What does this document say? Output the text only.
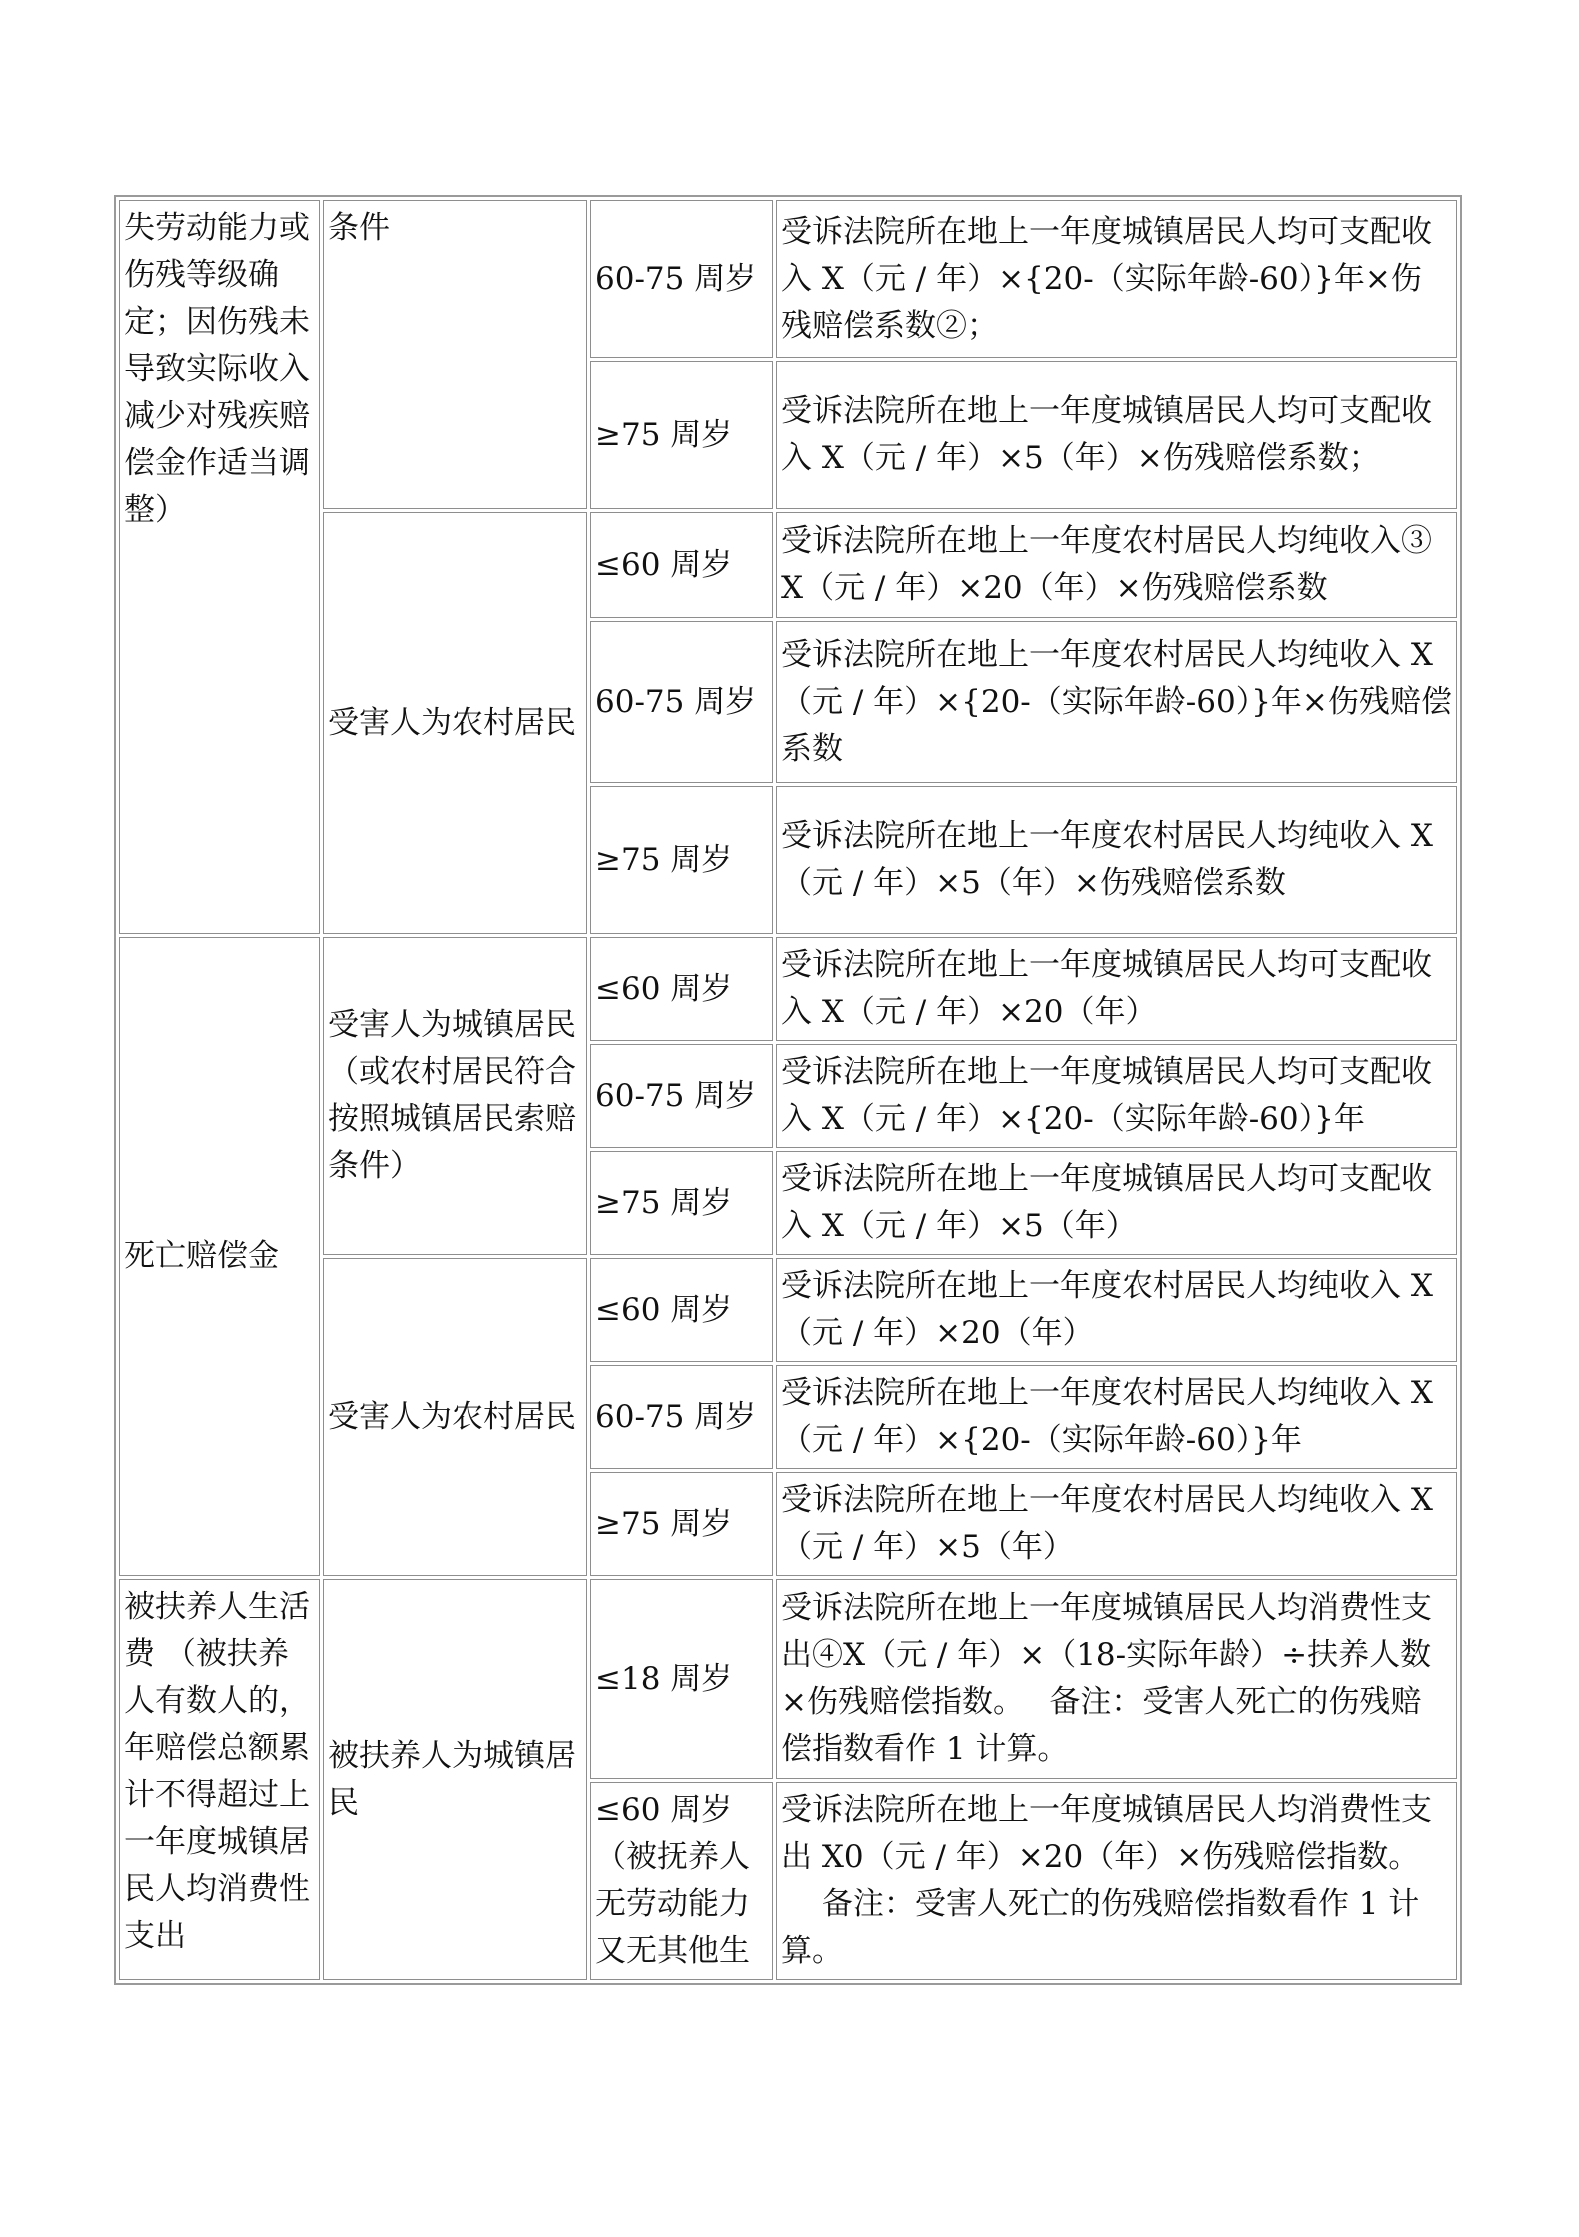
失劳动能力或伤残等级确定；因伤残未导致实际收入减少对残疾赔偿金作适当调整）	条件	60-75 周岁	受诉法院所在地上一年度城镇居民人均可支配收入 X（元 / 年）×{20-（实际年龄-60）}年×伤残赔偿系数②；
		≥75 周岁	受诉法院所在地上一年度城镇居民人均可支配收入 X（元 / 年）×5（年）×伤残赔偿系数；
	受害人为农村居民	≤60 周岁	受诉法院所在地上一年度农村居民人均纯收入③X（元 / 年）×20（年）×伤残赔偿系数
		60-75 周岁	受诉法院所在地上一年度农村居民人均纯收入 X（元 / 年）×{20-（实际年龄-60）}年×伤残赔偿系数
		≥75 周岁	受诉法院所在地上一年度农村居民人均纯收入 X（元 / 年）×5（年）×伤残赔偿系数
死亡赔偿金	受害人为城镇居民（或农村居民符合按照城镇居民索赔条件）	≤60 周岁	受诉法院所在地上一年度城镇居民人均可支配收入 X（元 / 年）×20（年）
		60-75 周岁	受诉法院所在地上一年度城镇居民人均可支配收入 X（元 / 年）×{20-（实际年龄-60）}年
		≥75 周岁	受诉法院所在地上一年度城镇居民人均可支配收入 X（元 / 年）×5（年）
	受害人为农村居民	≤60 周岁	受诉法院所在地上一年度农村居民人均纯收入 X（元 / 年）×20（年）
		60-75 周岁	受诉法院所在地上一年度农村居民人均纯收入 X（元 / 年）×{20-（实际年龄-60）}年
		≥75 周岁	受诉法院所在地上一年度农村居民人均纯收入 X（元 / 年）×5（年）
被扶养人生活费 （被扶养人有数人的，年赔偿总额累计不得超过上一年度城镇居民人均消费性支出	被扶养人为城镇居民	≤18 周岁	受诉法院所在地上一年度城镇居民人均消费性支出④X（元 / 年）×（18-实际年龄）÷扶养人数×伤残赔偿指数。　 备注：受害人死亡的伤残赔偿指数看作 1 计算。
		≤60 周岁 （被抚养人无劳动能力又无其他生	受诉法院所在地上一年度城镇居民人均消费性支出 X0（元 / 年）×20（年）×伤残赔偿指数。 　 备注：受害人死亡的伤残赔偿指数看作 1 计算。
